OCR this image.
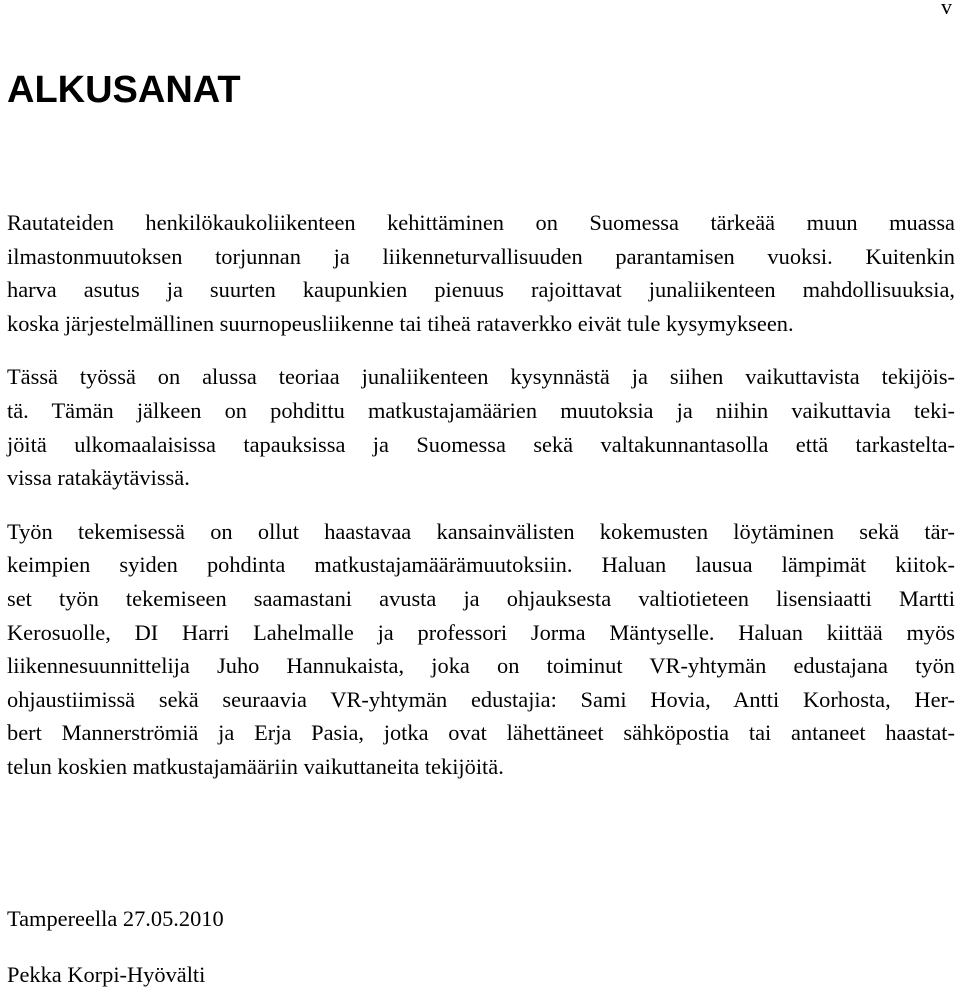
v
ALKUSANAT

Rautateiden henkilökaukoliikenteen kehittäminen on Suomessa tärkeää muun muassa
ilmastonmuutoksen torjunnan ja liikenneturvallisuuden parantamisen vuoksi. Kuitenkin
harva asutus ja suurten kaupunkien pienuus rajoittavat junaliikenteen mahdollisuuksia,
koska järjestelmällinen suurnopeusliikenne tai tiheä rataverkko eivät tule kysymykseen.

Tässä työssä on alussa teoriaa junaliikenteen kysynnästä ja siihen vaikuttavista tekijöis-
tä. Tämän jälkeen on pohdittu matkustajamäärien muutoksia ja niihin vaikuttavia teki-
jöitä ulkomaalaisissa tapauksissa ja Suomessa sekä valtakunnantasolla että tarkastelta-
vissa ratakäytävissä.

Työn tekemisessä on ollut haastavaa kansainvälisten kokemusten löytäminen sekä tär-
keimpien syiden pohdinta matkustajamäärämuutoksiin. Haluan lausua lämpimät kiitok-
set työn tekemiseen saamastani avusta ja ohjauksesta valtiotieteen lisensiaatti Martti
Kerosuolle, DI Harri Lahelmalle ja professori Jorma Mäntyselle. Haluan kiittää myös
liikennesuunnittelija Juho Hannukaista, joka on toiminut VR-yhtymän edustajana työn
ohjaustiimissä sekä seuraavia VR-yhtymän edustajia: Sami Hovia, Antti Korhosta, Her-
bert Mannerströmiä ja Erja Pasia, jotka ovat lähettäneet sähköpostia tai antaneet haastat-
telun koskien matkustajamääriin vaikuttaneita tekijöitä.

Tampereella 27.05.2010

Pekka Korpi-Hyövälti
